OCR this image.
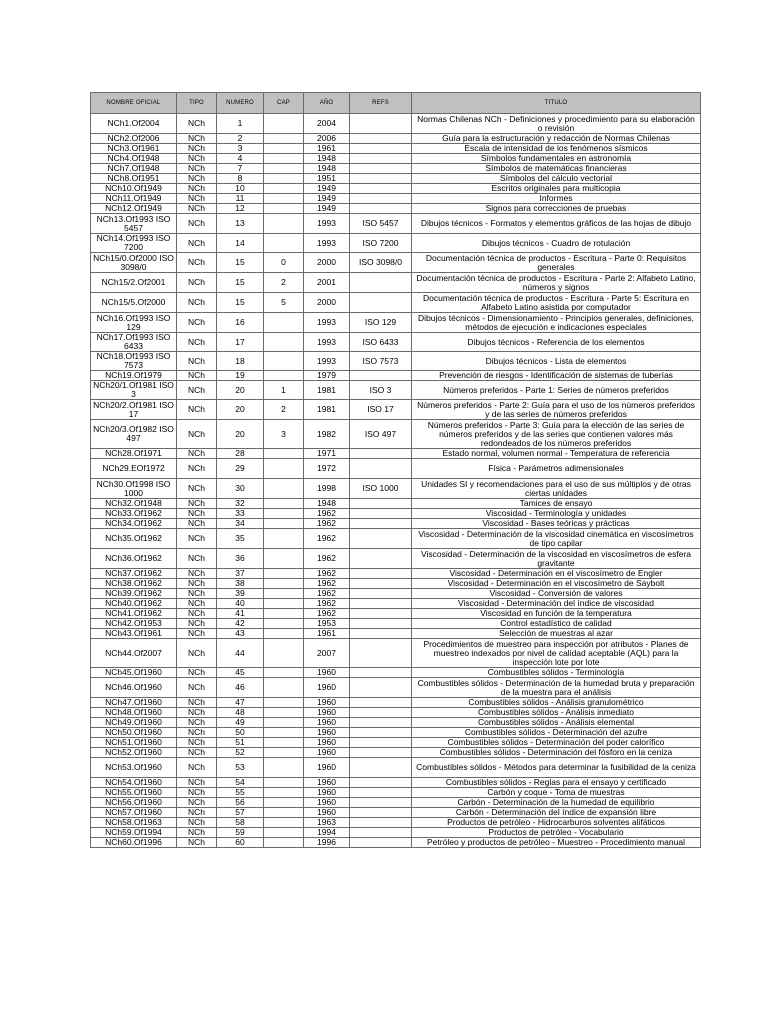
NOMBRE OFICIAL	TIPO	NUMERO	CAP	AÑO	REFS	TITULO
NCh1.Of2004	NCh	1		2004		Normas Chilenas NCh - Definiciones y procedimiento para su elaboración o revisión
NCh2.Of2006	NCh	2		2006		Guía para la estructuración y redacción de Normas Chilenas
NCh3.Of1961	NCh	3		1961		Escala de intensidad de los fenómenos sísmicos
NCh4.Of1948	NCh	4		1948		Símbolos fundamentales en astronomía
NCh7.Of1948	NCh	7		1948		Símbolos de matemáticas financieras
NCh8.Of1951	NCh	8		1951		Símbolos del cálculo vectorial
NCh10.Of1949	NCh	10		1949		Escritos originales para multicopia
NCh11.Of1949	NCh	11		1949		Informes
NCh12.Of1949	NCh	12		1949		Signos para correcciones de pruebas
NCh13.Of1993 ISO 5457	NCh	13		1993	ISO 5457	Dibujos técnicos - Formatos y elementos gráficos de las hojas de dibujo
NCh14.Of1993 ISO 7200	NCh	14		1993	ISO 7200	Dibujos técnicos - Cuadro de rotulación
NCh15/0.Of2000 ISO 3098/0	NCh	15	0	2000	ISO 3098/0	Documentación técnica de productos - Escritura - Parte 0: Requisitos generales
NCh15/2.Of2001	NCh	15	2	2001		Documentación técnica de productos - Escritura - Parte 2: Alfabeto Latino, números y signos
NCh15/5.Of2000	NCh	15	5	2000		Documentación técnica de productos - Escritura - Parte 5: Escritura en Alfabeto Latino asistida por computador
NCh16.Of1993 ISO 129	NCh	16		1993	ISO 129	Dibujos técnicos - Dimensionamiento - Principios generales, definiciones, métodos de ejecución e indicaciones especiales
NCh17.Of1993 ISO 6433	NCh	17		1993	ISO 6433	Dibujos técnicos - Referencia de los elementos
NCh18.Of1993 ISO 7573	NCh	18		1993	ISO 7573	Dibujos técnicos - Lista de elementos
NCh19.Of1979	NCh	19		1979		Prevención de riesgos - Identificación de sistemas de tuberías
NCh20/1.Of1981 ISO 3	NCh	20	1	1981	ISO 3	Números preferidos - Parte 1: Series de números preferidos
NCh20/2.Of1981 ISO 17	NCh	20	2	1981	ISO 17	Números preferidos - Parte 2: Guía para el uso de los números preferidos y de las series de números preferidos
NCh20/3.Of1982 ISO 497	NCh	20	3	1982	ISO 497	Números preferidos - Parte 3: Guía para la elección de las series de números preferidos y de las series que contienen valores más redondeados de los números preferidos
NCh28.Of1971	NCh	28		1971		Estado normal, volumen normal - Temperatura de referencia
NCh29.EOf1972	NCh	29		1972		Física - Parámetros adimensionales
NCh30.Of1998 ISO 1000	NCh	30		1998	ISO 1000	Unidades SI y recomendaciones para el uso de sus múltiplos y de otras ciertas unidades
NCh32.Of1948	NCh	32		1948		Tamices de ensayo
NCh33.Of1962	NCh	33		1962		Viscosidad - Terminología y unidades
NCh34.Of1962	NCh	34		1962		Viscosidad - Bases teóricas y prácticas
NCh35.Of1962	NCh	35		1962		Viscosidad - Determinación de la viscosidad cinemática en viscosímetros de tipo capilar
NCh36.Of1962	NCh	36		1962		Viscosidad - Determinación de la viscosidad en viscosímetros de esfera gravitante
NCh37.Of1962	NCh	37		1962		Viscosidad - Determinación en el viscosímetro de Engler
NCh38.Of1962	NCh	38		1962		Viscosidad - Determinación en el viscosímetro de Saybolt
NCh39.Of1962	NCh	39		1962		Viscosidad - Conversión de valores
NCh40.Of1962	NCh	40		1962		Viscosidad - Determinación del índice de viscosidad
NCh41.Of1962	NCh	41		1962		Viscosidad en función de la temperatura
NCh42.Of1953	NCh	42		1953		Control estadístico de calidad
NCh43.Of1961	NCh	43		1961		Selección de muestras al azar
NCh44.Of2007	NCh	44		2007		Procedimientos de muestreo para inspección por atributos - Planes de muestreo indexados por nivel de calidad aceptable (AQL) para la inspección lote por lote
NCh45.Of1960	NCh	45		1960		Combustibles sólidos - Terminología
NCh46.Of1960	NCh	46		1960		Combustibles sólidos - Determinación de la humedad bruta y preparación de la muestra para el análisis
NCh47.Of1960	NCh	47		1960		Combustibles sólidos - Análisis granulométrico
NCh48.Of1960	NCh	48		1960		Combustibles sólidos - Análisis inmediato
NCh49.Of1960	NCh	49		1960		Combustibles sólidos - Análisis elemental
NCh50.Of1960	NCh	50		1960		Combustibles sólidos - Determinación del azufre
NCh51.Of1960	NCh	51		1960		Combustibles sólidos - Determinación del poder calorífico
NCh52.Of1960	NCh	52		1960		Combustibles sólidos - Determinación del fósforo en la ceniza
NCh53.Of1960	NCh	53		1960		Combustibles sólidos - Métodos para determinar la fusibilidad de la ceniza
NCh54.Of1960	NCh	54		1960		Combustibles sólidos - Reglas para el ensayo y certificado
NCh55.Of1960	NCh	55		1960		Carbón y coque - Toma de muestras
NCh56.Of1960	NCh	56		1960		Carbón - Determinación de la humedad de equilibrio
NCh57.Of1960	NCh	57		1960		Carbón - Determinación del índice de expansión libre
NCh58.Of1963	NCh	58		1963		Productos de petróleo - Hidrocarburos solventes alifáticos
NCh59.Of1994	NCh	59		1994		Productos de petróleo - Vocabulario
NCh60.Of1996	NCh	60		1996		Petróleo y productos de petróleo - Muestreo - Procedimiento manual
